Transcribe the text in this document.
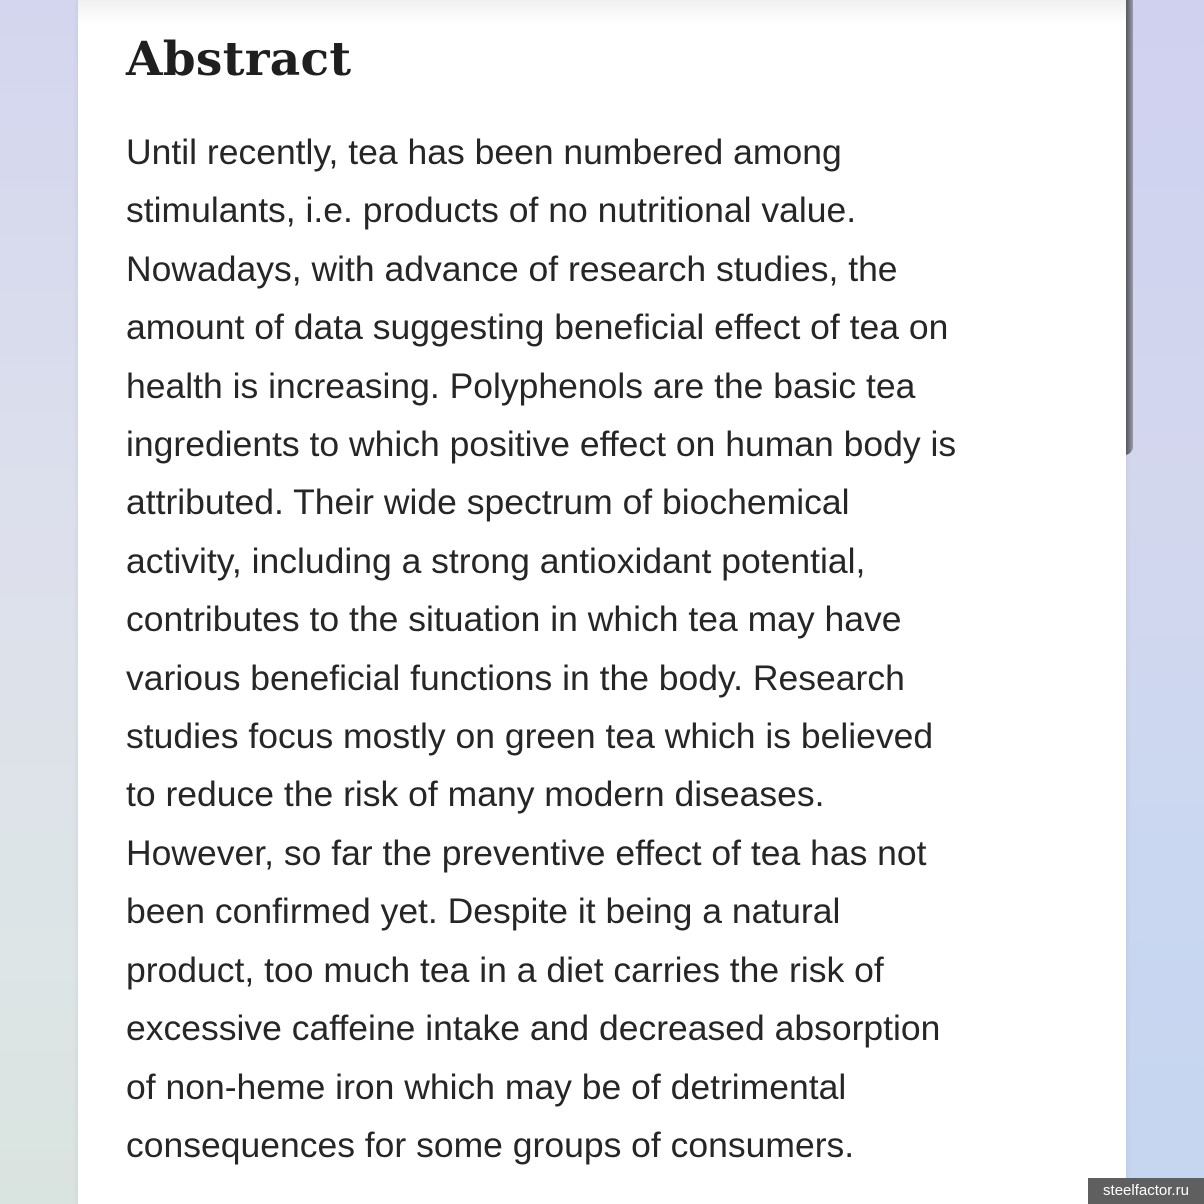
Abstract

Until recently, tea has been numbered among
stimulants, i.e. products of no nutritional value.
Nowadays, with advance of research studies, the
amount of data suggesting beneficial effect of tea on
health is increasing. Polyphenols are the basic tea
ingredients to which positive effect on human body is
attributed. Their wide spectrum of biochemical
activity, including a strong antioxidant potential,
contributes to the situation in which tea may have
various beneficial functions in the body. Research
studies focus mostly on green tea which is believed
to reduce the risk of many modern diseases.
However, so far the preventive effect of tea has not
been confirmed yet. Despite it being a natural
product, too much tea in a diet carries the risk of
excessive caffeine intake and decreased absorption
of non-heme iron which may be of detrimental
consequences for some groups of consumers.

steelfactor.ru
